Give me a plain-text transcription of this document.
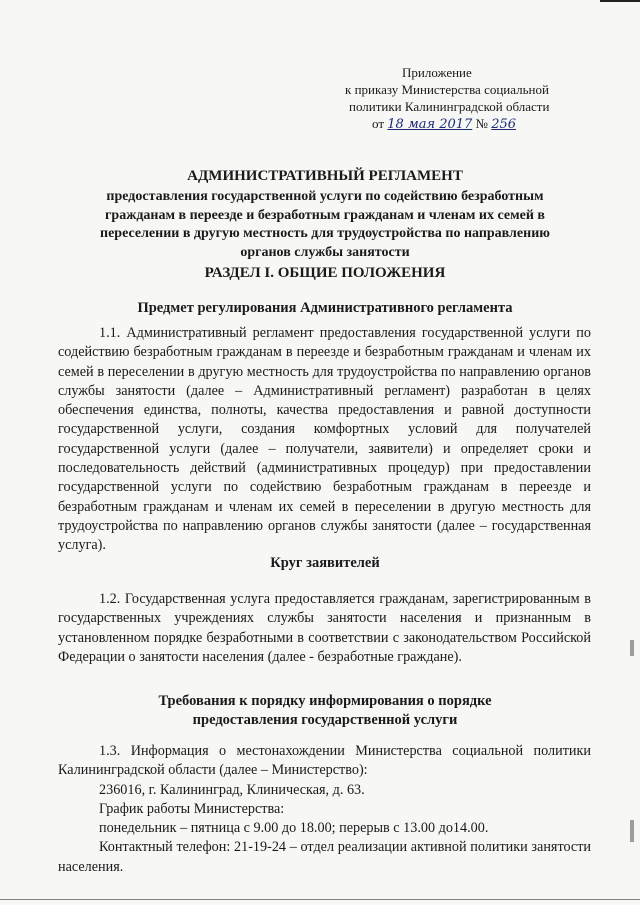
Приложение
к приказу Министерства социальной
политики Калининградской области
от 18 мая 2017 № 256
АДМИНИСТРАТИВНЫЙ РЕГЛАМЕНТ
предоставления государственной услуги по содействию безработным
гражданам в переезде и безработным гражданам и членам их семей в
переселении в другую местность для трудоустройства по направлению
органов службы занятости
РАЗДЕЛ I. ОБЩИЕ ПОЛОЖЕНИЯ
Предмет регулирования Административного регламента

1.1. Административный регламент предоставления государственной услуги по содействию безработным гражданам в переезде и безработным гражданам и членам их семей в переселении в другую местность для трудоустройства по направлению органов службы занятости (далее – Административный регламент) разработан в целях обеспечения единства, полноты, качества предоставления и равной доступности государственной услуги, создания комфортных условий для получателей государственной услуги (далее – получатели, заявители) и определяет сроки и последовательность действий (административных процедур) при предоставлении государственной услуги по содействию безработным гражданам в переезде и безработным гражданам и членам их семей в переселении в другую местность для трудоустройства по направлению органов службы занятости (далее – государственная услуга).

Круг заявителей

1.2. Государственная услуга предоставляется гражданам, зарегистрированным в государственных учреждениях службы занятости населения и признанным в установленном порядке безработными в соответствии с законодательством Российской Федерации о занятости населения (далее - безработные граждане).

Требования к порядку информирования о порядке
предоставления государственной услуги

1.3. Информация о местонахождении Министерства социальной политики Калининградской области (далее – Министерство):

236016, г. Калининград, Клиническая, д. 63.

График работы Министерства:

понедельник – пятница с 9.00 до 18.00; перерыв с 13.00 до14.00.

Контактный телефон: 21-19-24 – отдел реализации активной политики занятости населения.
